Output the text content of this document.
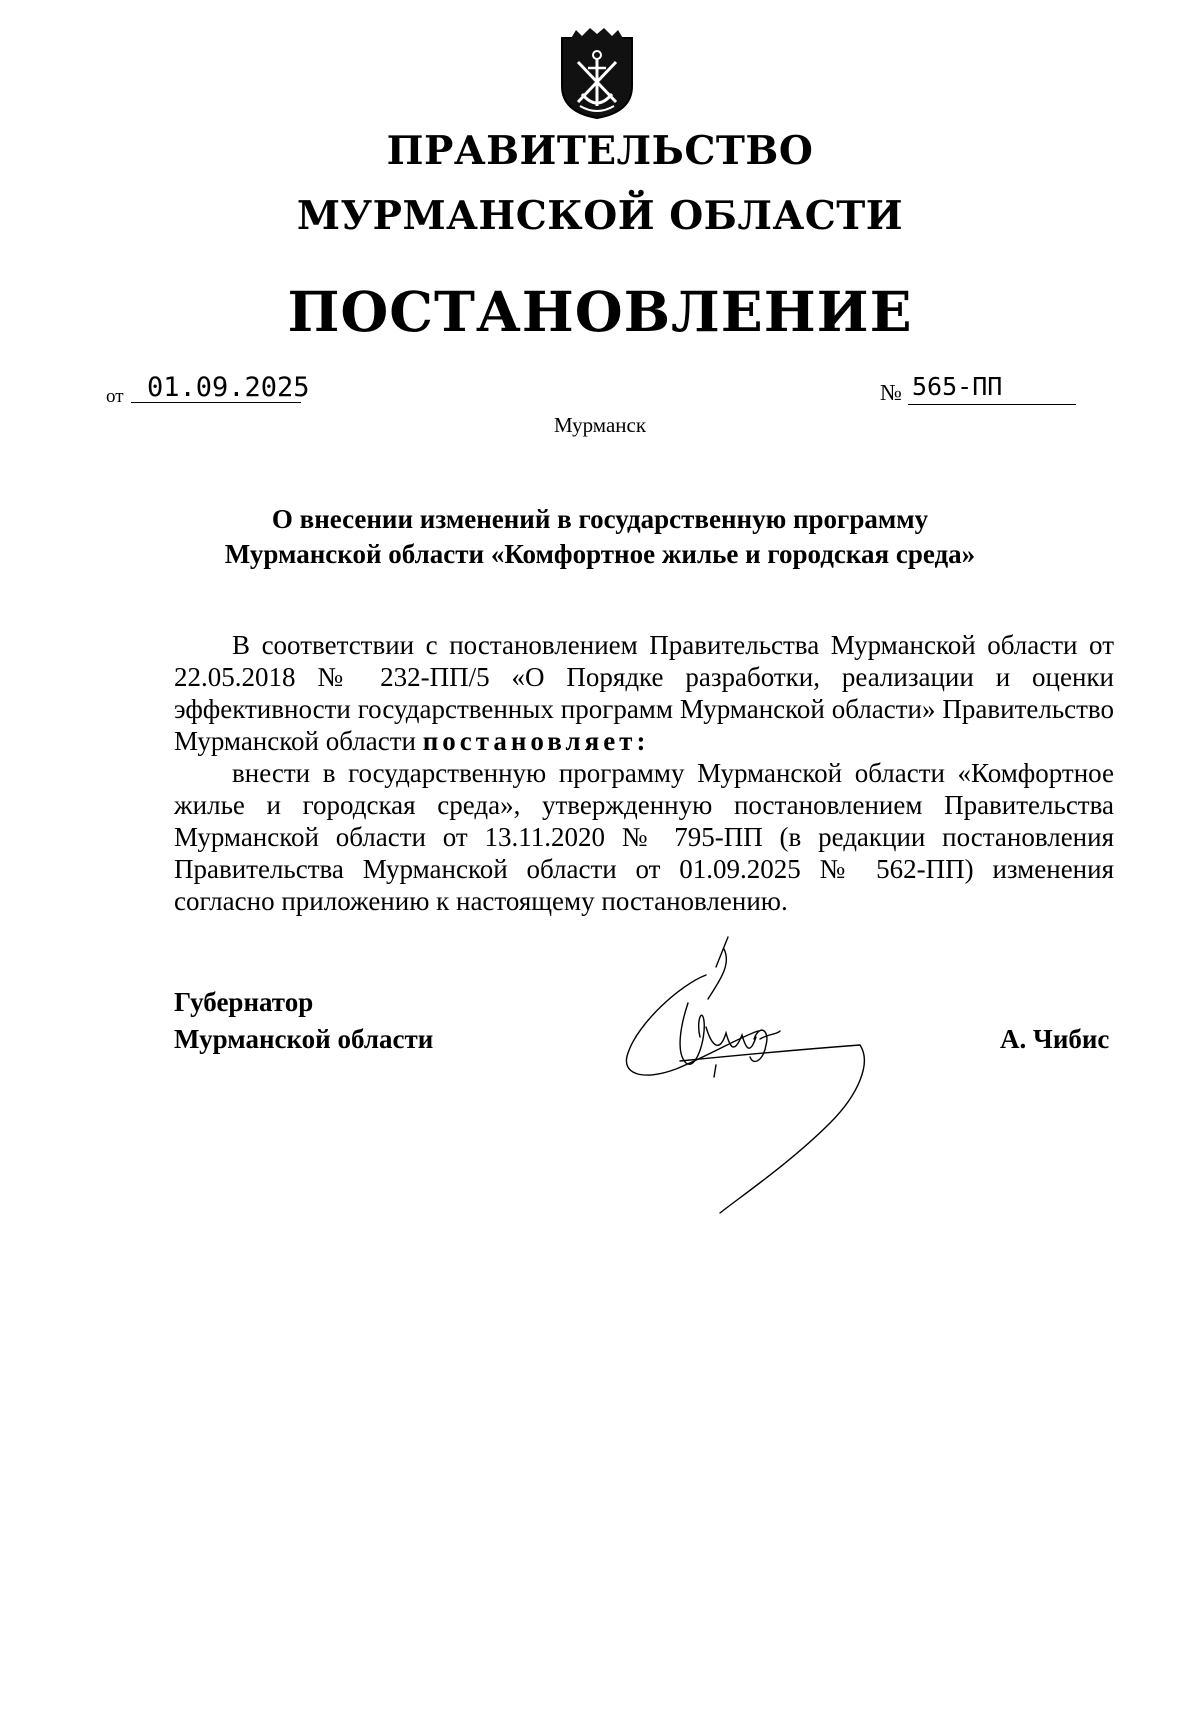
ПРАВИТЕЛЬСТВО
МУРМАНСКОЙ ОБЛАСТИ
ПОСТАНОВЛЕНИЕ
от 01.09.2025	№ 565-ПП
Мурманск
О внесении изменений в государственную программу
Мурманской области «Комфортное жилье и городская среда»

В соответствии с постановлением Правительства Мурманской области от 22.05.2018 № 232-ПП/5 «О Порядке разработки, реализации и оценки эффективности государственных программ Мурманской области» Правительство Мурманской области постановляет:

внести в государственную программу Мурманской области «Комфортное жилье и городская среда», утвержденную постановлением Правительства Мурманской области от 13.11.2020 № 795-ПП (в редакции постановления Правительства Мурманской области от 01.09.2025 № 562-ПП) изменения согласно приложению к настоящему постановлению.

Губернатор
Мурманской области	А. Чибис
